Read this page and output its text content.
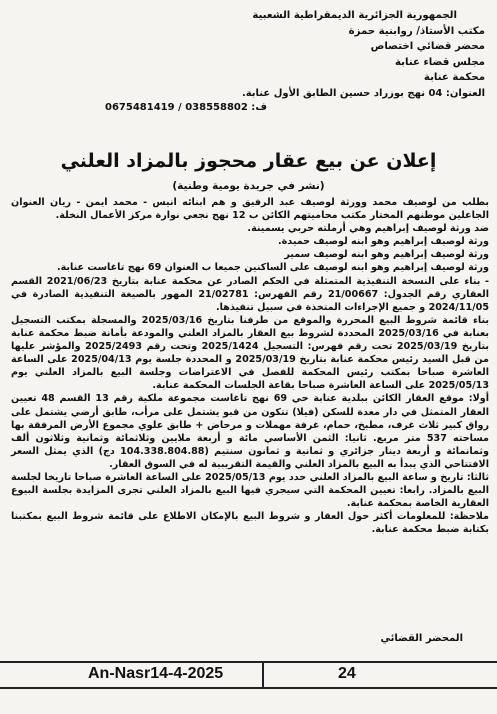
الجمهورية الجزائرية الديمقراطية الشعبية
مكتب الأستاذ/ روابنية حمزة
محضر قضائي اختصاص
مجلس قضاء عنابة
محكمة عنابة
العنوان: 04 نهج بوزراد حسين الطابق الأول عنابة.
0675481419 / 038558802 :ف
إعلان عن بيع عقار محجوز بالمزاد العلني
(نشر في جريدة يومية وطنية)

بطلب من لوصيف محمد وورثة لوصيف عبد الرفيق و هم ابنائه انيس - محمد ايمن - ريان العنوان الجاعلين موطنهم المختار مكتب محاميتهم الكائن ب 12 نهج نجعي نوارة مركز الأعمال النخلة.

ضد ورثة لوصيف إبراهيم وهي أرملته حربي يسمينة.

ورثة لوصيف إبراهيم وهو ابنه لوصيف حميدة.

ورثة لوصيف إبراهيم وهو ابنه لوصيف سمير

ورثة لوصيف إبراهيم وهو ابنه لوصيف على الساكنين جميعا ب العنوان 69 نهج تاغاست عنابة.

- بناء على النسخة التنفيذية المتمثلة في الحكم الصادر عن محكمة عنابة بتاريخ 2021/06/23 القسم العقاري رقم الجدول: 21/00667 رقم الفهرس: 21/02781 المهور بالصيغة التنفيذية الصادرة في 2024/11/05 و جميع الإجراءات المتخذة في سبيل تنفيذها.

بناء قائمة شروط البيع المحررة والموقع من طرفنا بتاريخ 2025/03/16 والمسجلة بمكتب التسجيل بعنابة في 2025/03/16 المحددة لشروط بيع العقار بالمزاد العلني والمودعة بأمانة ضبط محكمة عنابة بتاريخ 2025/03/19 تحت رقم فهرس: التسجيل 2025/1424 وتحت رقم 2025/2493 والمؤشر عليها من قبل السيد رئيس محكمة عنابة بتاريخ 2025/03/19 و المحددة جلسة يوم 2025/04/13 على الساعة العاشرة صباحا بمكتب رئيس المحكمة للفصل في الاعتراضات وجلسة البيع بالمزاد العلني يوم 2025/05/13 على الساعة العاشرة صباحا بقاعة الجلسات المحكمة عنابة.

أولا: موقع العقار الكائن ببلدية عنابة حي 69 نهج تاغاست مجموعة ملكية رقم 13 القسم 48 تعيين العقار المتمثل في دار معدة للسكن (فيلا) تتكون من قبو يشتمل على مرأب، طابق أرضي يشتمل على رواق كبير ثلاث غرف، مطبخ، حمام، غرفة مهملات و مرحاض + طابق علوي مجموع الأرض المرفقة بها مساحته 537 متر مربع. ثانيا: الثمن الأساسي مائة و أربعة ملايين وثلاثمائة وثمانية وثلاثون ألف وثمانمائة و أربعة دينار جزائري و ثمانية و ثمانون سنتيم (104.338.804.88 دج) الذي يمثل السعر الافتتاحي الذي يبدأ به البيع بالمزاد العلني والقيمة التقريبية له في السوق العقار.

ثالثا: تاريخ و ساعة البيع بالمزاد العلني حدد يوم 2025/05/13 على الساعة العاشرة صباحا تاريخا لجلسة البيع بالمزاد. رابعا: تعيين المحكمة التي سيجري فيها البيع بالمزاد العلني تجرى المزايدة بجلسة البيوع العقارية الخاصة بمحكمة عنابة.

ملاحظة: للمعلومات أكثر حول العقار و شروط البيع بالإمكان الاطلاع على قائمة شروط البيع بمكتبنا بكتابة ضبط محكمة عنابة.

المحضر القضائي
An-Nasr14-4-2025	24
